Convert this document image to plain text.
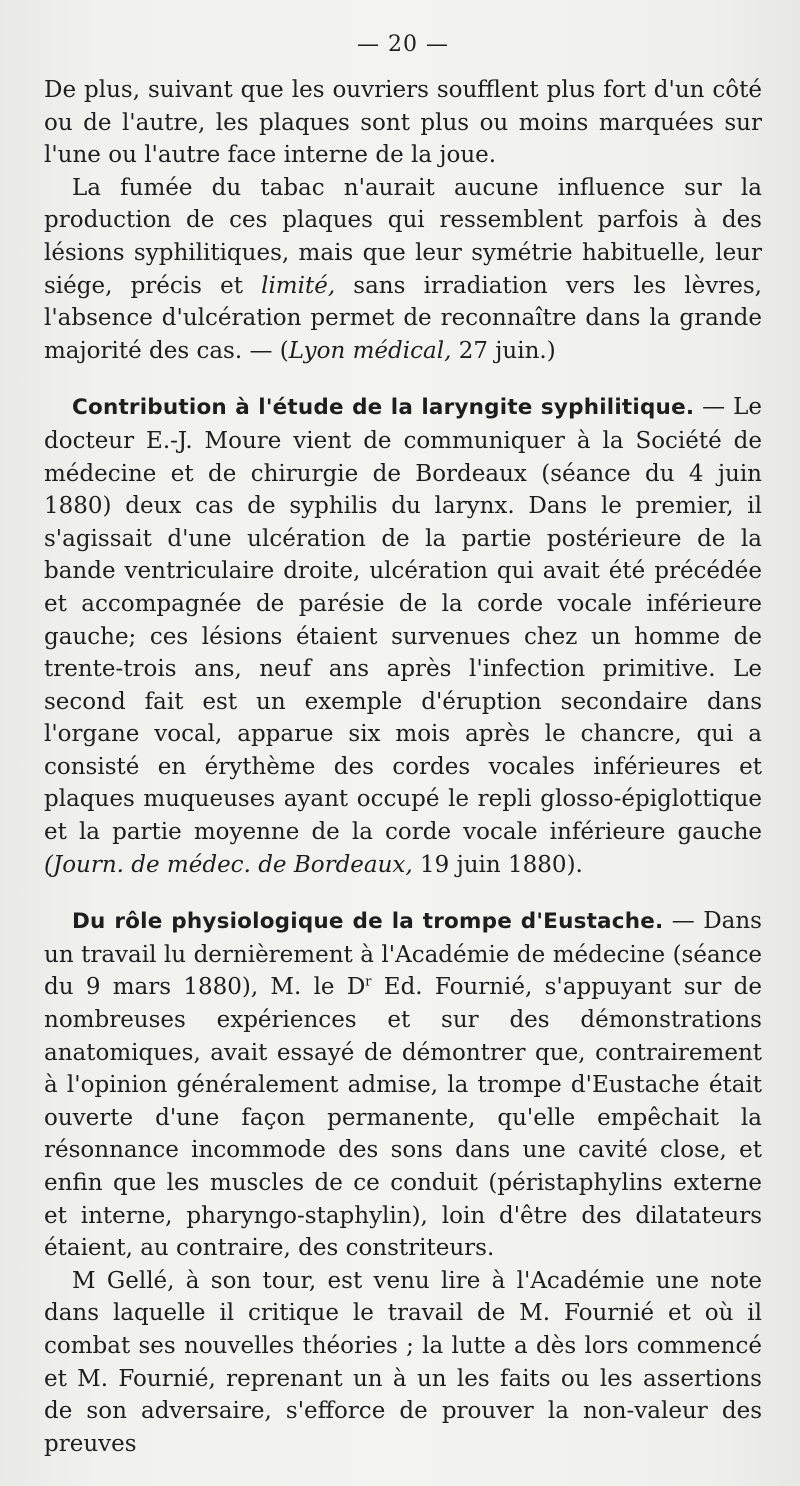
— 20 —

De plus, suivant que les ouvriers soufflent plus fort d'un côté ou de l'autre, les plaques sont plus ou moins marquées sur l'une ou l'autre face interne de la joue.

La fumée du tabac n'aurait aucune influence sur la production de ces plaques qui ressemblent parfois à des lésions syphilitiques, mais que leur symétrie habituelle, leur siége, précis et limité, sans irradiation vers les lèvres, l'absence d'ulcération permet de reconnaître dans la grande majorité des cas. — (Lyon médical, 27 juin.)

Contribution à l'étude de la laryngite syphilitique. — Le docteur E.-J. Moure vient de communiquer à la Société de médecine et de chirurgie de Bordeaux (séance du 4 juin 1880) deux cas de syphilis du larynx. Dans le premier, il s'agissait d'une ulcération de la partie postérieure de la bande ventriculaire droite, ulcération qui avait été précédée et accompagnée de parésie de la corde vocale inférieure gauche; ces lésions étaient survenues chez un homme de trente-trois ans, neuf ans après l'infection primitive. Le second fait est un exemple d'éruption secondaire dans l'organe vocal, apparue six mois après le chancre, qui a consisté en érythème des cordes vocales inférieures et plaques muqueuses ayant occupé le repli glosso-épiglottique et la partie moyenne de la corde vocale inférieure gauche (Journ. de médec. de Bordeaux, 19 juin 1880).

Du rôle physiologique de la trompe d'Eustache. — Dans un travail lu dernièrement à l'Académie de médecine (séance du 9 mars 1880), M. le $D^r$ Ed. Fournié, s'appuyant sur de nombreuses expériences et sur des démonstrations anatomiques, avait essayé de démontrer que, contrairement à l'opinion généralement admise, la trompe d'Eustache était ouverte d'une façon permanente, qu'elle empêchait la résonnance incommode des sons dans une cavité close, et enfin que les muscles de ce conduit (péristaphylins externe et interne, pharyngo-staphylin), loin d'être des dilatateurs étaient, au contraire, des constriteurs.

M Gellé, à son tour, est venu lire à l'Académie une note dans laquelle il critique le travail de M. Fournié et où il combat ses nouvelles théories ; la lutte a dès lors commencé et M. Fournié, reprenant un à un les faits ou les assertions de son adversaire, s'efforce de prouver la non-valeur des preuves
